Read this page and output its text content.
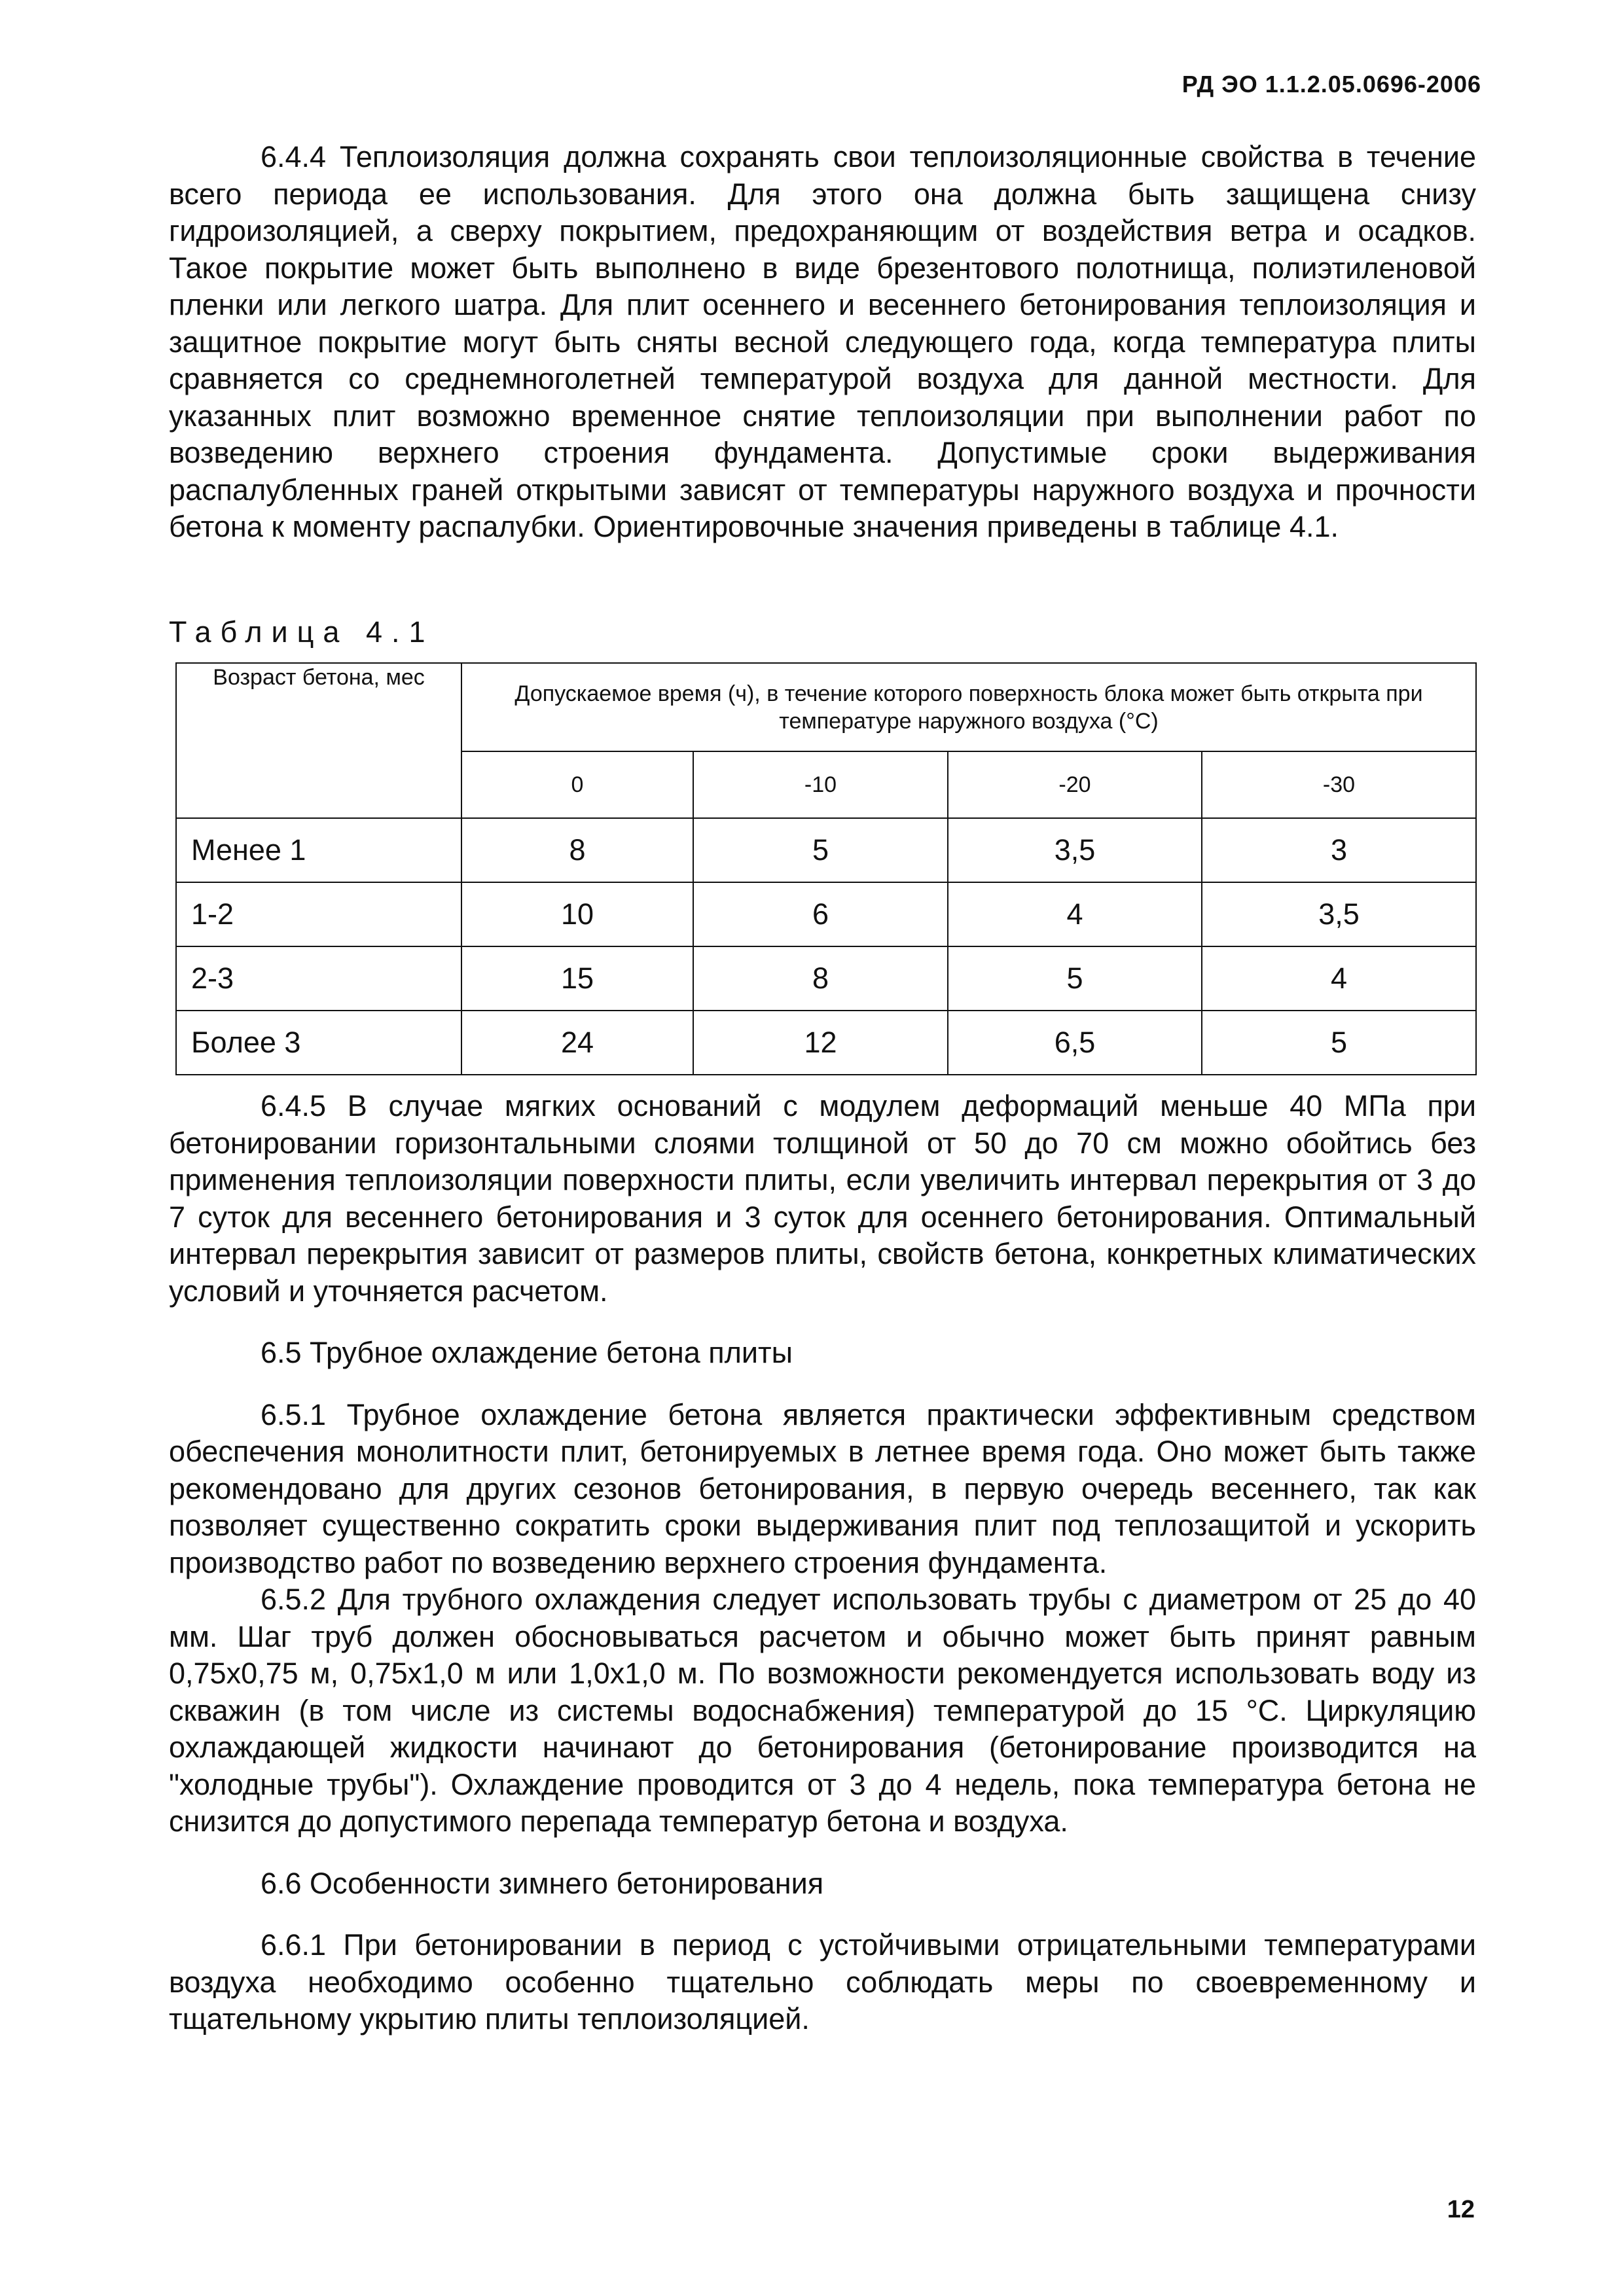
РД ЭО 1.1.2.05.0696-2006

6.4.4 Теплоизоляция должна сохранять свои теплоизоляционные свойства в течение всего периода ее использования. Для этого она должна быть защищена снизу гидроизоляцией, а сверху покрытием, предохраняющим от воздействия ветра и осадков. Такое покрытие может быть выполнено в виде брезентового полотнища, полиэтиленовой пленки или легкого шатра. Для плит осеннего и весеннего бетонирования теплоизоляция и защитное покрытие могут быть сняты весной следующего года, когда температура плиты сравняется со среднемноголетней температурой воздуха для данной местности. Для указанных плит возможно временное снятие теплоизоляции при выполнении работ по возведению верхнего строения фундамента. Допустимые сроки выдерживания распалубленных граней открытыми зависят от температуры наружного воздуха и прочности бетона к моменту распалубки. Ориентировочные значения приведены в таблице 4.1.

Таблица 4.1
Возраст бетона, мес	Допускаемое время (ч), в течение которого поверхность блока может быть открыта при температуре наружного воздуха (°С)			
	0	-10	-20	-30
Менее 1	8	5	3,5	3
1-2	10	6	4	3,5
2-3	15	8	5	4
Более 3	24	12	6,5	5

6.4.5 В случае мягких оснований с модулем деформаций меньше 40 МПа при бетонировании горизонтальными слоями толщиной от 50 до 70 см можно обойтись без применения теплоизоляции поверхности плиты, если увеличить интервал перекрытия от 3 до 7 суток для весеннего бетонирования и 3 суток для осеннего бетонирования. Оптимальный интервал перекрытия зависит от размеров плиты, свойств бетона, конкретных климатических условий и уточняется расчетом.

6.5 Трубное охлаждение бетона плиты

6.5.1 Трубное охлаждение бетона является практически эффективным средством обеспечения монолитности плит, бетонируемых в летнее время года. Оно может быть также рекомендовано для других сезонов бетонирования, в первую очередь весеннего, так как позволяет существенно сократить сроки выдерживания плит под теплозащитой и ускорить производство работ по возведению верхнего строения фундамента.

6.5.2 Для трубного охлаждения следует использовать трубы с диаметром от 25 до 40 мм. Шаг труб должен обосновываться расчетом и обычно может быть принят равным 0,75х0,75 м, 0,75х1,0 м или 1,0х1,0 м. По возможности рекомендуется использовать воду из скважин (в том числе из системы водоснабжения) температурой до 15 °С. Циркуляцию охлаждающей жидкости начинают до бетонирования (бетонирование производится на "холодные трубы"). Охлаждение проводится от 3 до 4 недель, пока температура бетона не снизится до допустимого перепада температур бетона и воздуха.

6.6 Особенности зимнего бетонирования

6.6.1 При бетонировании в период с устойчивыми отрицательными температурами воздуха необходимо особенно тщательно соблюдать меры по своевременному и тщательному укрытию плиты теплоизоляцией.

12
